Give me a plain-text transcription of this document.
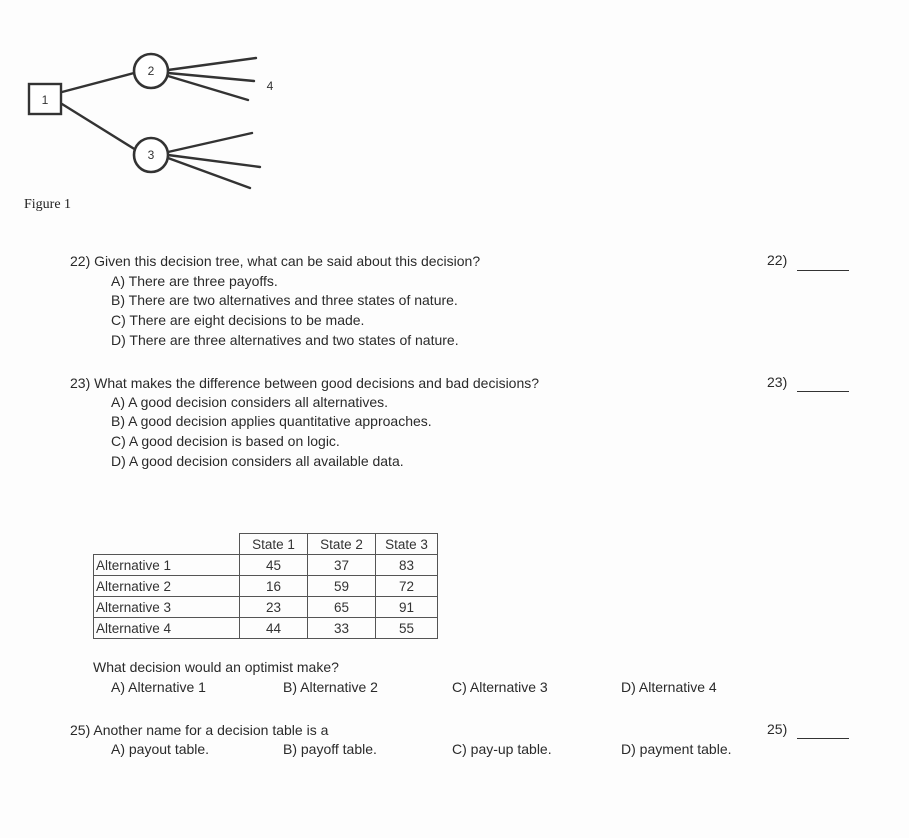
1
2
3
4
Figure 1
22) Given this decision tree, what can be said about this decision?	22)
A) There are three payoffs.
B) There are two alternatives and three states of nature.
C) There are eight decisions to be made.
D) There are three alternatives and two states of nature.
23) What makes the difference between good decisions and bad decisions?	23)
A) A good decision considers all alternatives.
B) A good decision applies quantitative approaches.
C) A good decision is based on logic.
D) A good decision considers all available data.
	State 1	State 2	State 3
Alternative 1	45	37	83
Alternative 2	16	59	72
Alternative 3	23	65	91
Alternative 4	44	33	55
What decision would an optimist make?
A) Alternative 1	B) Alternative 2	C) Alternative 3	D) Alternative 4
25) Another name for a decision table is a	25)
A) payout table.	B) payoff table.	C) pay-up table.	D) payment table.
